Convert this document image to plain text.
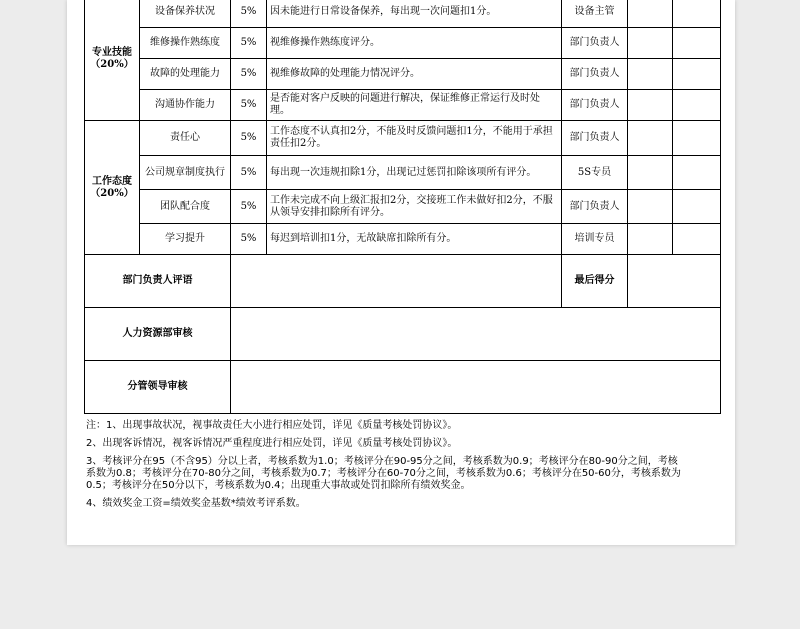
专业技能
（20%）	设备保养状况	5%	因未能进行日常设备保养，每出现一次问题扣1分。	设备主管		
	维修操作熟练度	5%	视维修操作熟练度评分。	部门负责人		
	故障的处理能力	5%	视维修故障的处理能力情况评分。	部门负责人		
	沟通协作能力	5%	是否能对客户反映的问题进行解决，保证维修正常运行及时处理。	部门负责人		

工作态度
（20%）	责任心	5%	工作态度不认真扣2分，不能及时反馈问题扣1分，不能用于承担责任扣2分。	部门负责人		
	公司规章制度执行	5%	每出现一次违规扣除1分，出现记过惩罚扣除该项所有评分。	5S专员		
	团队配合度	5%	工作未完成不向上级汇报扣2分，交接班工作未做好扣2分，不服从领导安排扣除所有评分。	部门负责人		
	学习提升	5%	每迟到培训扣1分，无故缺席扣除所有分。	培训专员		
部门负责人评语				最后得分		
人力资源部审核						
分管领导审核						

注：1、出现事故状况，视事故责任大小进行相应处罚，详见《质量考核处罚协议》。

2、出现客诉情况，视客诉情况严重程度进行相应处罚，详见《质量考核处罚协议》。

3、考核评分在95（不含95）分以上者，考核系数为1.0；考核评分在90-95分之间，考核系数为0.9；考核评分在80-90分之间，考核系数为0.8；考核评分在70-80分之间，考核系数为0.7；考核评分在60-70分之间，考核系数为0.6；考核评分在50-60分，考核系数为0.5；考核评分在50分以下，考核系数为0.4；出现重大事故或处罚扣除所有绩效奖金。

4、绩效奖金工资=绩效奖金基数*绩效考评系数。
